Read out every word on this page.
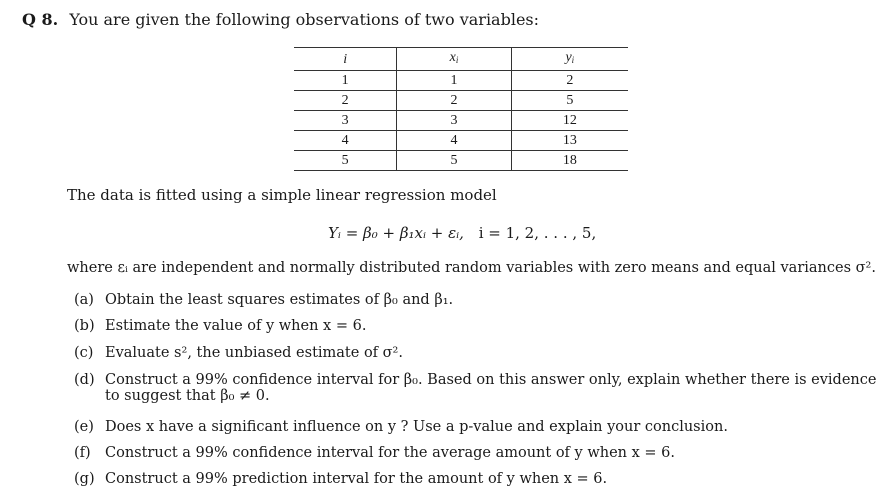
Q 8. You are given the following observations of two variables:
i	$x_i$	$y_i$
1	1	2
2	2	5
3	3	12
4	4	13
5	5	18
The data is fitted using a simple linear regression model
Yᵢ = β₀ + β₁xᵢ + εᵢ, i = 1, 2, . . . , 5,
where εᵢ are independent and normally distributed random variables with zero means and equal variances σ².
(a) Obtain the least squares estimates of β₀ and β₁.
(b) Estimate the value of y when x = 6.
(c) Evaluate s², the unbiased estimate of σ².
(d) Construct a 99% confidence interval for β₀. Based on this answer only, explain whether there is evidence
to suggest that β₀ ≠ 0.
(e) Does x have a significant influence on y ? Use a p-value and explain your conclusion.
(f) Construct a 99% confidence interval for the average amount of y when x = 6.
(g) Construct a 99% prediction interval for the amount of y when x = 6.
